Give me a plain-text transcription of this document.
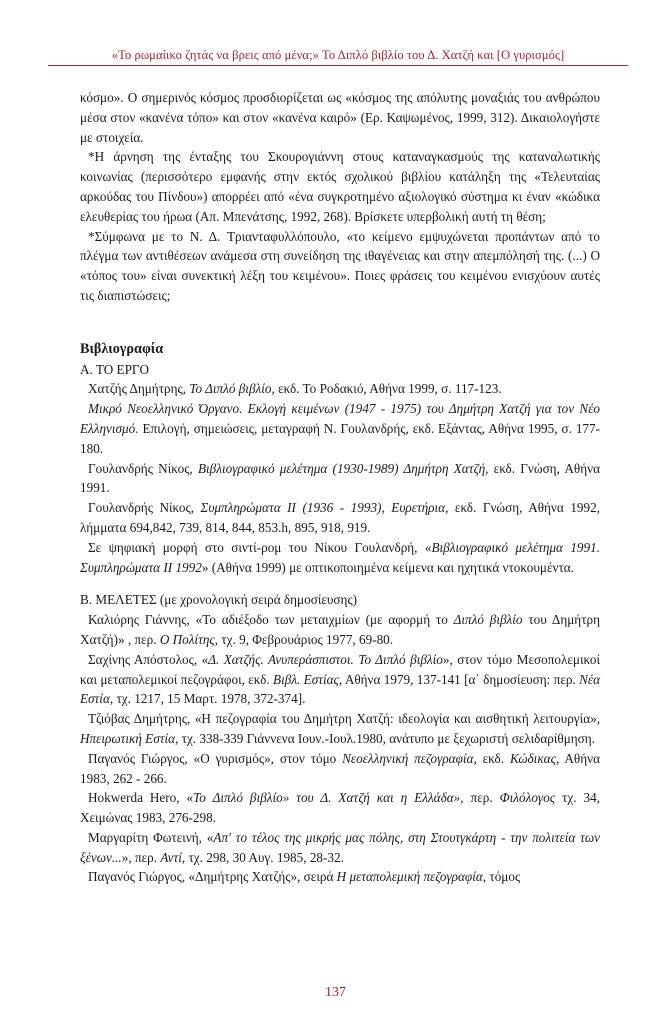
«Το ρωμαίικο ζητάς να βρεις από μένα;» Το Διπλό βιβλίο του Δ. Χατζή και [Ο γυρισμός]

κόσμο». Ο σημερινός κόσμος προσδιορίζεται ως «κόσμος της απόλυτης μοναξιάς του ανθρώπου μέσα στον «κανένα τόπο» και στον «κανένα καιρό» (Ερ. Καψωμένος, 1999, 312). Δικαιολογήστε με στοιχεία.

*Η άρνηση της ένταξης του Σκουρογιάννη στους καταναγκασμούς της καταναλωτικής κοινωνίας (περισσότερο εμφανής στην εκτός σχολικού βιβλίου κατάληξη της «Τελευταίας αρκούδας του Πίνδου») απορρέει από «ένα συγκροτημένο αξιολογικό σύστημα κι έναν «κώδικα ελευθερίας του ήρωα (Απ. Μπενάτσης, 1992, 268). Βρίσκετε υπερβολική αυτή τη θέση;

*Σύμφωνα με το Ν. Δ. Τριανταφυλλόπουλο, «το κείμενο εμψυχώνεται προπάντων από το πλέγμα των αντιθέσεων ανάμεσα στη συνείδηση της ιθαγένειας και στην απεμπόλησή της. (...) Ο «τόπος του» είναι συνεκτική λέξη του κειμένου». Ποιες φράσεις του κειμένου ενισχύουν αυτές τις διαπιστώσεις;

Βιβλιογραφία

Α. ΤΟ ΕΡΓΟ

Χατζής Δημήτρης, Το Διπλό βιβλίο, εκδ. Το Ροδακιό, Αθήνα 1999, σ. 117-123.

Μικρό Νεοελληνικό Όργανο. Εκλογή κειμένων (1947 - 1975) του Δημήτρη Χατζή για τον Νέο Ελληνισμό. Επιλογή, σημειώσεις, μεταγραφή Ν. Γουλανδρής, εκδ. Εξάντας, Αθήνα 1995, σ. 177-180.

Γουλανδρής Νίκος, Βιβλιογραφικό μελέτημα (1930-1989) Δημήτρη Χατζή, εκδ. Γνώση, Αθήνα 1991.

Γουλανδρής Νίκος, Συμπληρώματα ΙΙ (1936 - 1993), Ευρετήρια, εκδ. Γνώση, Αθήνα 1992, λήμματα 694,842, 739, 814, 844, 853.h, 895, 918, 919.

Σε ψηφιακή μορφή στο σιντί-ρομ του Νίκου Γουλανδρή, «Βιβλιογραφικό μελέτημα 1991. Συμπληρώματα ΙΙ 1992» (Αθήνα 1999) με οπτικοποιημένα κείμενα και ηχητικά ντοκουμέντα.

Β. ΜΕΛΕΤΕΣ (με χρονολογική σειρά δημοσίευσης)

Καλιόρης Γιάννης, «Το αδιέξοδο των μεταιχμίων (με αφορμή το Διπλό βιβλίο του Δημήτρη Χατζή)» , περ. Ο Πολίτης, τχ. 9, Φεβρουάριος 1977, 69-80.

Σαχίνης Απόστολος, «Δ. Χατζής. Ανυπεράσπιστοι. Το Διπλό βιβλίο», στον τόμο Μεσοπολεμικοί και μεταπολεμικοί πεζογράφοι, εκδ. Βιβλ. Εστίας, Αθήνα 1979, 137-141 [α΄ δημοσίευση: περ. Νέα Εστία, τχ. 1217, 15 Μαρτ. 1978, 372-374].

Τζιόβας Δημήτρης, «Η πεζογραφία του Δημήτρη Χατζή: ιδεολογία και αισθητική λειτουργία», Ηπειρωτική Εστία, τχ. 338-339 Γιάννενα Ιουν.-Ιουλ.1980, ανάτυπο με ξεχωριστή σελιδαρίθμηση.

Παγανός Γιώργος, «Ο γυρισμός», στον τόμο Νεοελληνική πεζογραφία, εκδ. Κώδικας, Αθήνα 1983, 262 - 266.

Hokwerda Hero, «Το Διπλό βιβλίο» του Δ. Χατζή και η Ελλάδα», περ. Φιλόλογος τχ. 34, Χειμώνας 1983, 276-298.

Μαργαρίτη Φωτεινή, «Απ' το τέλος της μικρής μας πόλης, στη Στουτγκάρτη - την πολιτεία των ξένων...», περ. Αντί, τχ. 298, 30 Αυγ. 1985, 28-32.

Παγανός Γιώργος, «Δημήτρης Χατζής», σειρά Η μεταπολεμική πεζογραφία, τόμος

137
